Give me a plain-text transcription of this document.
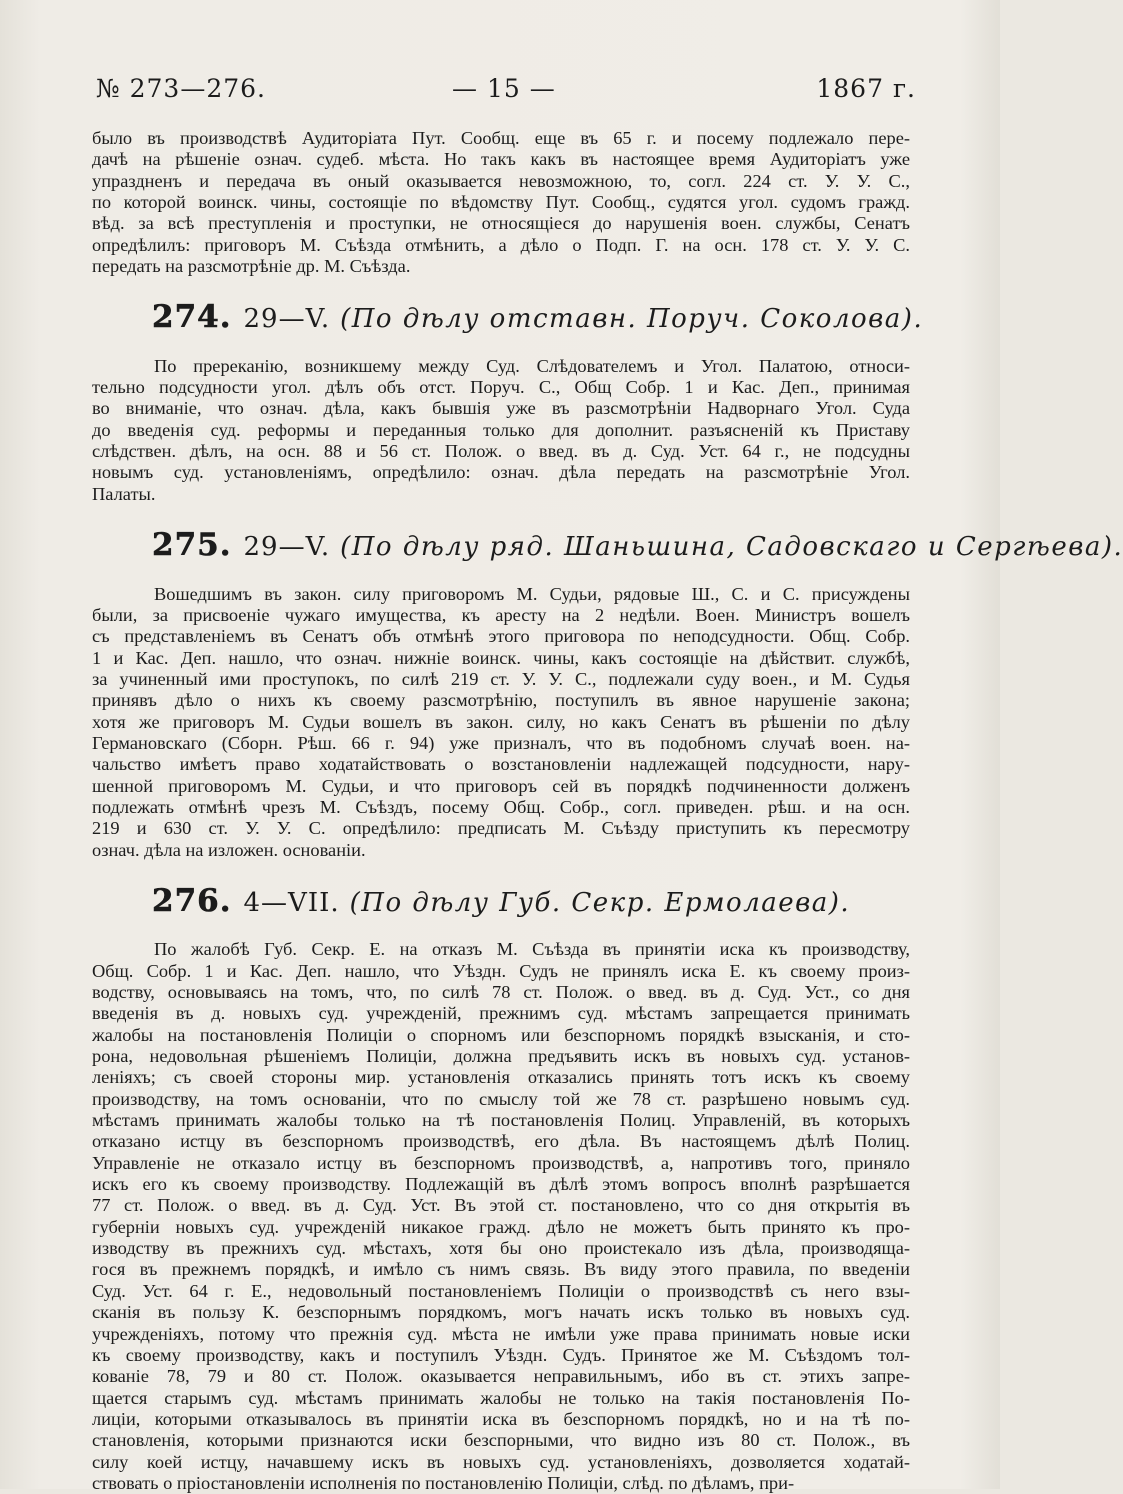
№ 273—276.	— 15 —	1867 г.
было въ производствѣ Аудиторіата Пут. Сообщ. еще въ 65 г. и посему подлежало пере-
дачѣ на рѣшеніе означ. судеб. мѣста. Но такъ какъ въ настоящее время Аудиторіатъ уже
упраздненъ и передача въ оный оказывается невозможною, то, согл. 224 ст. У. У. С.,
по которой воинск. чины, состоящіе по вѣдомству Пут. Сообщ., судятся угол. судомъ гражд.
вѣд. за всѣ преступленія и проступки, не относящіеся до нарушенія воен. службы, Сенатъ
опредѣлилъ: приговоръ М. Съѣзда отмѣнить, а дѣло о Подп. Г. на осн. 178 ст. У. У. С.
передать на разсмотрѣніе др. М. Съѣзда.
274. 29—V. (По дѣлу отставн. Поруч. Соколова).
По пререканію, возникшему между Суд. Слѣдователемъ и Угол. Палатою, относи-
тельно подсудности угол. дѣлъ объ отст. Поруч. С., Общ Собр. 1 и Кас. Деп., принимая
во вниманіе, что означ. дѣла, какъ бывшія уже въ разсмотрѣніи Надворнаго Угол. Суда
до введенія суд. реформы и переданныя только для дополнит. разъясненій къ Приставу
слѣдствен. дѣлъ, на осн. 88 и 56 ст. Полож. о введ. въ д. Суд. Уст. 64 г., не подсудны
новымъ суд. установленіямъ, опредѣлило: означ. дѣла передать на разсмотрѣніе Угол.
Палаты.
275. 29—V. (По дѣлу ряд. Шаньшина, Садовскаго и Сергѣева).
Вошедшимъ въ закон. силу приговоромъ М. Судьи, рядовые Ш., С. и С. присуждены
были, за присвоеніе чужаго имущества, къ аресту на 2 недѣли. Воен. Министръ вошелъ
съ представленіемъ въ Сенатъ объ отмѣнѣ этого приговора по неподсудности. Общ. Собр.
1 и Кас. Деп. нашло, что означ. нижніе воинск. чины, какъ состоящіе на дѣйствит. службѣ,
за учиненный ими проступокъ, по силѣ 219 ст. У. У. С., подлежали суду воен., и М. Судья
принявъ дѣло о нихъ къ своему разсмотрѣнію, поступилъ въ явное нарушеніе закона;
хотя же приговоръ М. Судьи вошелъ въ закон. силу, но какъ Сенатъ въ рѣшеніи по дѣлу
Германовскаго (Сборн. Рѣш. 66 г. 94) уже призналъ, что въ подобномъ случаѣ воен. на-
чальство имѣетъ право ходатайствовать о возстановленіи надлежащей подсудности, нару-
шенной приговоромъ М. Судьи, и что приговоръ сей въ порядкѣ подчиненности долженъ
подлежать отмѣнѣ чрезъ М. Съѣздъ, посему Общ. Собр., согл. приведен. рѣш. и на осн.
219 и 630 ст. У. У. С. опредѣлило: предписать М. Съѣзду приступить къ пересмотру
означ. дѣла на изложен. основаніи.
276. 4—VII. (По дѣлу Губ. Секр. Ермолаева).
По жалобѣ Губ. Секр. Е. на отказъ М. Съѣзда въ принятіи иска къ производству,
Общ. Собр. 1 и Кас. Деп. нашло, что Уѣздн. Судъ не принялъ иска Е. къ своему произ-
водству, основываясь на томъ, что, по силѣ 78 ст. Полож. о введ. въ д. Суд. Уст., со дня
введенія въ д. новыхъ суд. учрежденій, прежнимъ суд. мѣстамъ запрещается принимать
жалобы на постановленія Полиціи о спорномъ или безспорномъ порядкѣ взысканія, и сто-
рона, недовольная рѣшеніемъ Полиціи, должна предъявить искъ въ новыхъ суд. установ-
леніяхъ; съ своей стороны мир. установленія отказались принять тотъ искъ къ своему
производству, на томъ основаніи, что по смыслу той же 78 ст. разрѣшено новымъ суд.
мѣстамъ принимать жалобы только на тѣ постановленія Полиц. Управленій, въ которыхъ
отказано истцу въ безспорномъ производствѣ, его дѣла. Въ настоящемъ дѣлѣ Полиц.
Управленіе не отказало истцу въ безспорномъ производствѣ, а, напротивъ того, приняло
искъ его къ своему производству. Подлежащій въ дѣлѣ этомъ вопросъ вполнѣ разрѣшается
77 ст. Полож. о введ. въ д. Суд. Уст. Въ этой ст. постановлено, что со дня открытія въ
губерніи новыхъ суд. учрежденій никакое гражд. дѣло не можетъ быть принято къ про-
изводству въ прежнихъ суд. мѣстахъ, хотя бы оно проистекало изъ дѣла, производяща-
гося въ прежнемъ порядкѣ, и имѣло съ нимъ связь. Въ виду этого правила, по введеніи
Суд. Уст. 64 г. Е., недовольный постановленіемъ Полиціи о производствѣ съ него взы-
сканія въ пользу К. безспорнымъ порядкомъ, могъ начать искъ только въ новыхъ суд.
учрежденіяхъ, потому что прежнія суд. мѣста не имѣли уже права принимать новые иски
къ своему производству, какъ и поступилъ Уѣздн. Судъ. Принятое же М. Съѣздомъ тол-
кованіе 78, 79 и 80 ст. Полож. оказывается неправильнымъ, ибо въ ст. этихъ запре-
щается старымъ суд. мѣстамъ принимать жалобы не только на такія постановленія По-
лиціи, которыми отказывалось въ принятіи иска въ безспорномъ порядкѣ, но и на тѣ по-
становленія, которыми признаются иски безспорными, что видно изъ 80 ст. Полож., въ
силу коей истцу, начавшему искъ въ новыхъ суд. установленіяхъ, дозволяется ходатай-
ствовать о пріостановленіи исполненія по постановленію Полиціи, слѣд. по дѣламъ, при-
